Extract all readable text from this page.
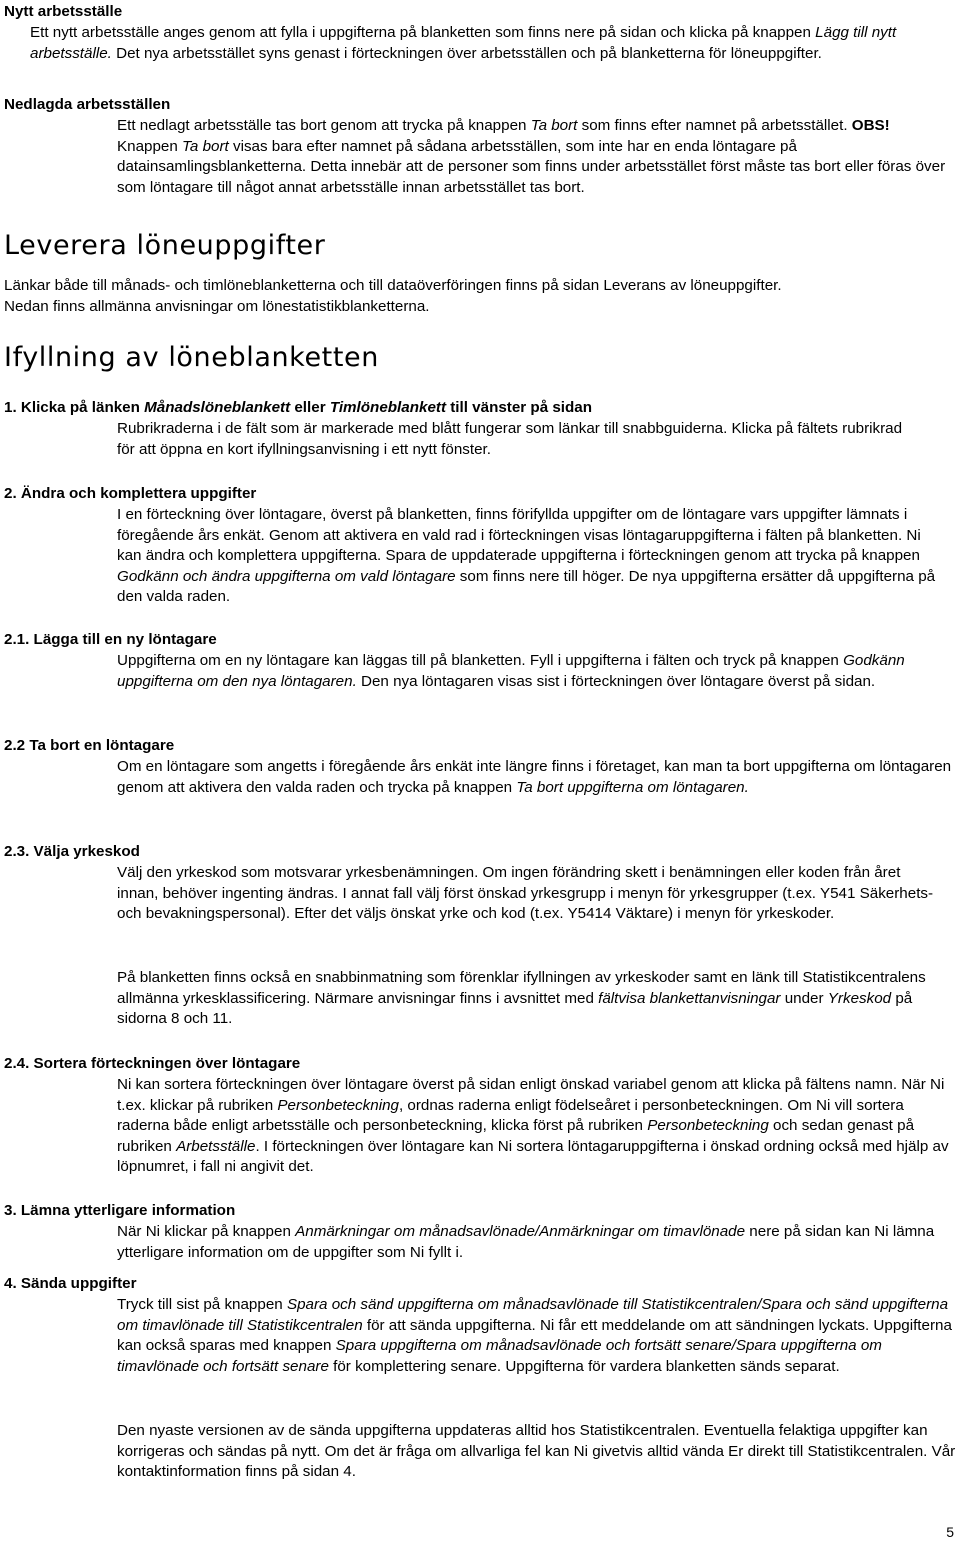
Nytt arbetsställe

Ett nytt arbetsställe anges genom att fylla i uppgifterna på blanketten som finns nere på sidan och klicka på knappen Lägg till nytt arbetsställe. Det nya arbetsstället syns genast i förteckningen över arbetsställen och på blanketterna för löneuppgifter.

Nedlagda arbetsställen

Ett nedlagt arbetsställe tas bort genom att trycka på knappen Ta bort som finns efter namnet på arbetsstället. OBS! Knappen Ta bort visas bara efter namnet på sådana arbetsställen, som inte har en enda löntagare på datainsamlingsblanketterna. Detta innebär att de personer som finns under arbetsstället först måste tas bort eller föras över som löntagare till något annat arbetsställe innan arbetsstället tas bort.

Leverera löneuppgifter

Länkar både till månads- och timlöneblanketterna och till dataöverföringen finns på sidan Leverans av löneuppgifter.

Nedan finns allmänna anvisningar om lönestatistikblanketterna.

Ifyllning av löneblanketten
1. Klicka på länken Månadslöneblankett eller Timlöneblankett till vänster på sidan

Rubrikraderna i de fält som är markerade med blått fungerar som länkar till snabbguiderna. Klicka på fältets rubrikrad för att öppna en kort ifyllningsanvisning i ett nytt fönster.

2. Ändra och komplettera uppgifter

I en förteckning över löntagare, överst på blanketten, finns förifyllda uppgifter om de löntagare vars uppgifter lämnats i föregående års enkät. Genom att aktivera en vald rad i förteckningen visas löntagaruppgifterna i fälten på blanketten. Ni kan ändra och komplettera uppgifterna. Spara de uppdaterade uppgifterna i förteckningen genom att trycka på knappen Godkänn och ändra uppgifterna om vald löntagare som finns nere till höger. De nya uppgifterna ersätter då uppgifterna på den valda raden.

2.1. Lägga till en ny löntagare

Uppgifterna om en ny löntagare kan läggas till på blanketten. Fyll i uppgifterna i fälten och tryck på knappen Godkänn uppgifterna om den nya löntagaren. Den nya löntagaren visas sist i förteckningen över löntagare överst på sidan.

2.2 Ta bort en löntagare

Om en löntagare som angetts i föregående års enkät inte längre finns i företaget, kan man ta bort uppgifterna om löntagaren genom att aktivera den valda raden och trycka på knappen Ta bort uppgifterna om löntagaren.

2.3. Välja yrkeskod

Välj den yrkeskod som motsvarar yrkesbenämningen. Om ingen förändring skett i benämningen eller koden från året innan, behöver ingenting ändras. I annat fall välj först önskad yrkesgrupp i menyn för yrkesgrupper (t.ex. Y541 Säkerhets- och bevakningspersonal). Efter det väljs önskat yrke och kod (t.ex. Y5414 Väktare) i menyn för yrkeskoder.

På blanketten finns också en snabbinmatning som förenklar ifyllningen av yrkeskoder samt en länk till Statistikcentralens allmänna yrkesklassificering. Närmare anvisningar finns i avsnittet med fältvisa blankettanvisningar under Yrkeskod på sidorna 8 och 11.

2.4. Sortera förteckningen över löntagare

Ni kan sortera förteckningen över löntagare överst på sidan enligt önskad variabel genom att klicka på fältens namn. När Ni t.ex. klickar på rubriken Personbeteckning, ordnas raderna enligt födelseåret i personbeteckningen. Om Ni vill sortera raderna både enligt arbetsställe och personbeteckning, klicka först på rubriken Personbeteckning och sedan genast på rubriken Arbetsställe. I förteckningen över löntagare kan Ni sortera löntagaruppgifterna i önskad ordning också med hjälp av löpnumret, i fall ni angivit det.

3. Lämna ytterligare information

När Ni klickar på knappen Anmärkningar om månadsavlönade/Anmärkningar om timavlönade nere på sidan kan Ni lämna ytterligare information om de uppgifter som Ni fyllt i.

4. Sända uppgifter

Tryck till sist på knappen Spara och sänd uppgifterna om månadsavlönade till Statistikcentralen/Spara och sänd uppgifterna om timavlönade till Statistikcentralen för att sända uppgifterna. Ni får ett meddelande om att sändningen lyckats. Uppgifterna kan också sparas med knappen Spara uppgifterna om månadsavlönade och fortsätt senare/Spara uppgifterna om timavlönade och fortsätt senare för komplettering senare. Uppgifterna för vardera blanketten sänds separat.

Den nyaste versionen av de sända uppgifterna uppdateras alltid hos Statistikcentralen. Eventuella felaktiga uppgifter kan korrigeras och sändas på nytt. Om det är fråga om allvarliga fel kan Ni givetvis alltid vända Er direkt till Statistikcentralen. Vår kontaktinformation finns på sidan 4.

5
